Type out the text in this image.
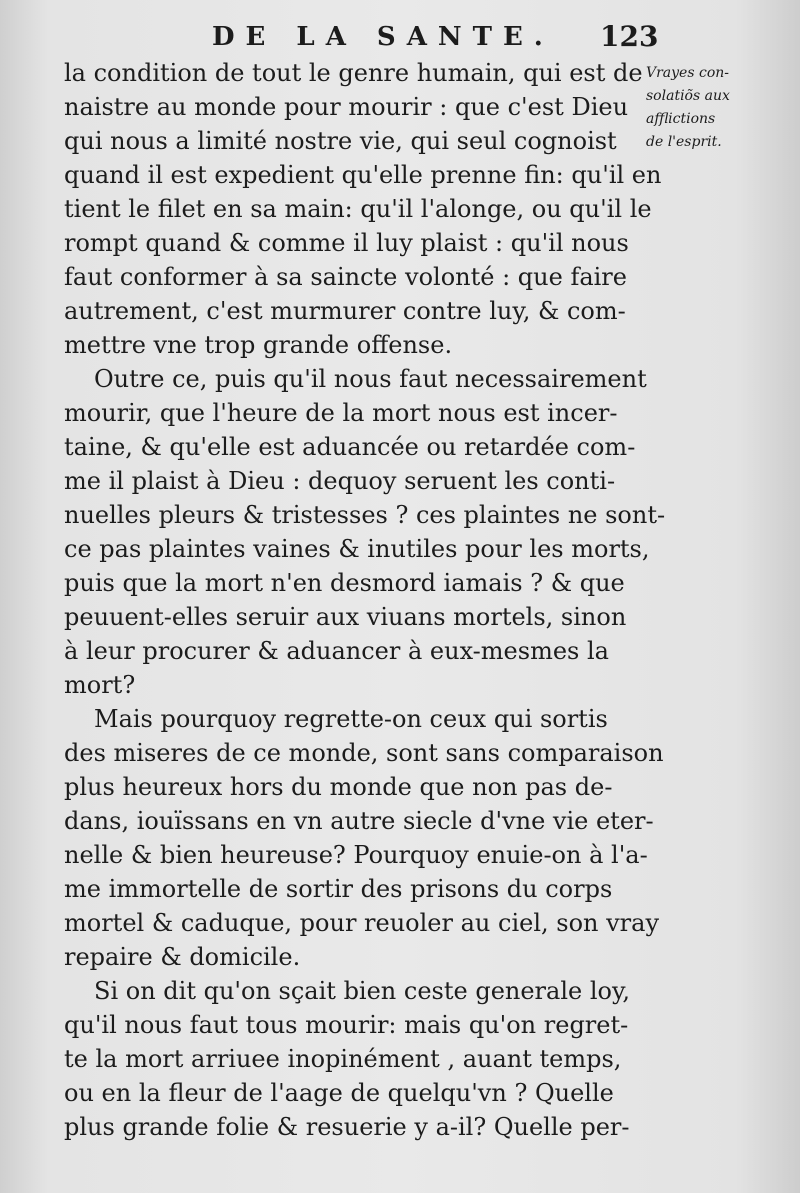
DE LA SANTE. 123
Vrayes con-
solatiõs aux
afflictions
de l'esprit.
la condition de tout le genre humain, qui est de
naistre au monde pour mourir : que c'est Dieu
qui nous a limité nostre vie, qui seul cognoist
quand il est expedient qu'elle prenne fin: qu'il en
tient le filet en sa main: qu'il l'alonge, ou qu'il le
rompt quand & comme il luy plaist : qu'il nous
faut conformer à sa saincte volonté : que faire
autrement, c'est murmurer contre luy, & com-
mettre vne trop grande offense.
Outre ce, puis qu'il nous faut necessairement
mourir, que l'heure de la mort nous est incer-
taine, & qu'elle est aduancée ou retardée com-
me il plaist à Dieu : dequoy seruent les conti-
nuelles pleurs & tristesses ? ces plaintes ne sont-
ce pas plaintes vaines & inutiles pour les morts,
puis que la mort n'en desmord iamais ? & que
peuuent-elles seruir aux viuans mortels, sinon
à leur procurer & aduancer à eux-mesmes la
mort?
Mais pourquoy regrette-on ceux qui sortis
des miseres de ce monde, sont sans comparaison
plus heureux hors du monde que non pas de-
dans, iouïssans en vn autre siecle d'vne vie eter-
nelle & bien heureuse? Pourquoy enuie-on à l'a-
me immortelle de sortir des prisons du corps
mortel & caduque, pour reuoler au ciel, son vray
repaire & domicile.
Si on dit qu'on sçait bien ceste generale loy,
qu'il nous faut tous mourir: mais qu'on regret-
te la mort arriuee inopinément , auant temps,
ou en la fleur de l'aage de quelqu'vn ? Quelle
plus grande folie & resuerie y a-il? Quelle per-
